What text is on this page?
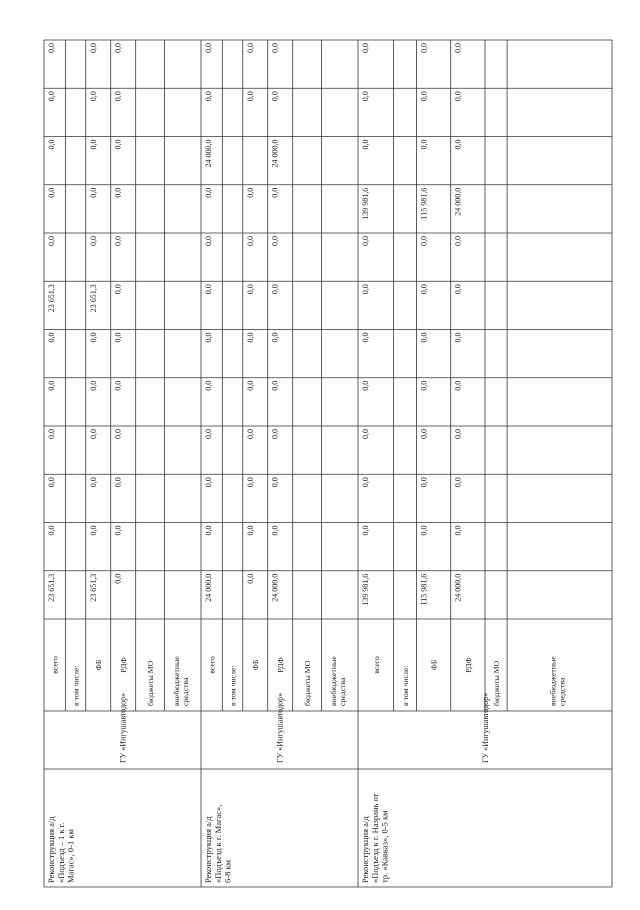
Реконструкция а/д«Подъезд – 1 к г.Магас», 0-1 км
ГУ «Ингушавтодор»
всего
23 651,3
0,0
0,0
0,0
0,0
0,0
23 651,3
0,0
0,0
0,0
0,0
0,0
в том числе:
ФБ
23 651,3
0,0
0,0
0,0
0,0
0,0
23 651,3
0,0
0,0
0,0
0,0
0,0
РДФ
0,0
0,0
0,0
0,0
0,0
0,0
0,0
0,0
0,0
0,0
0,0
0,0
бюджеты МО внебюджетныесредства
Реконструкция а/д«Подъезд к г. Магас»,6-8 км
ГУ «Ингушавтодор»
всего
24 000,0
0,0
0,0
0,0
0,0
0,0
0,0
0,0
0,0
24 000,0
0,0
0,0
в том числе:
ФБ
0,0
0,0
0,0
0,0
0,0
0,0
0,0
0,0
0,0
0,0
0,0
РДФ
24 000,0
0,0
0,0
0,0
0,0
0,0
0,0
0,0
0,0
24 000,0
0,0
0,0
бюджеты МО внебюджетныесредства
Реконструкция а/д«Подъезд к г. Назрань оттр. «Кавказ», 0-5 км
ГУ «Ингушавтодор»
всего
139 981,6
0,0
0,0
0,0
0,0
0,0
0,0
0,0
139 981,6
0,0
0,0
0,0
в том числе:
ФБ
115 981,6
0,0
0,0
0,0
0,0
0,0
0,0
0,0
115 981,6
0,0
0,0
0,0
РДФ
24 000,0
0,0
0,0
0,0
0,0
0,0
0,0
0,0
24 000,0
0,0
0,0
0,0
бюджеты МО	внебюджетныесредства
